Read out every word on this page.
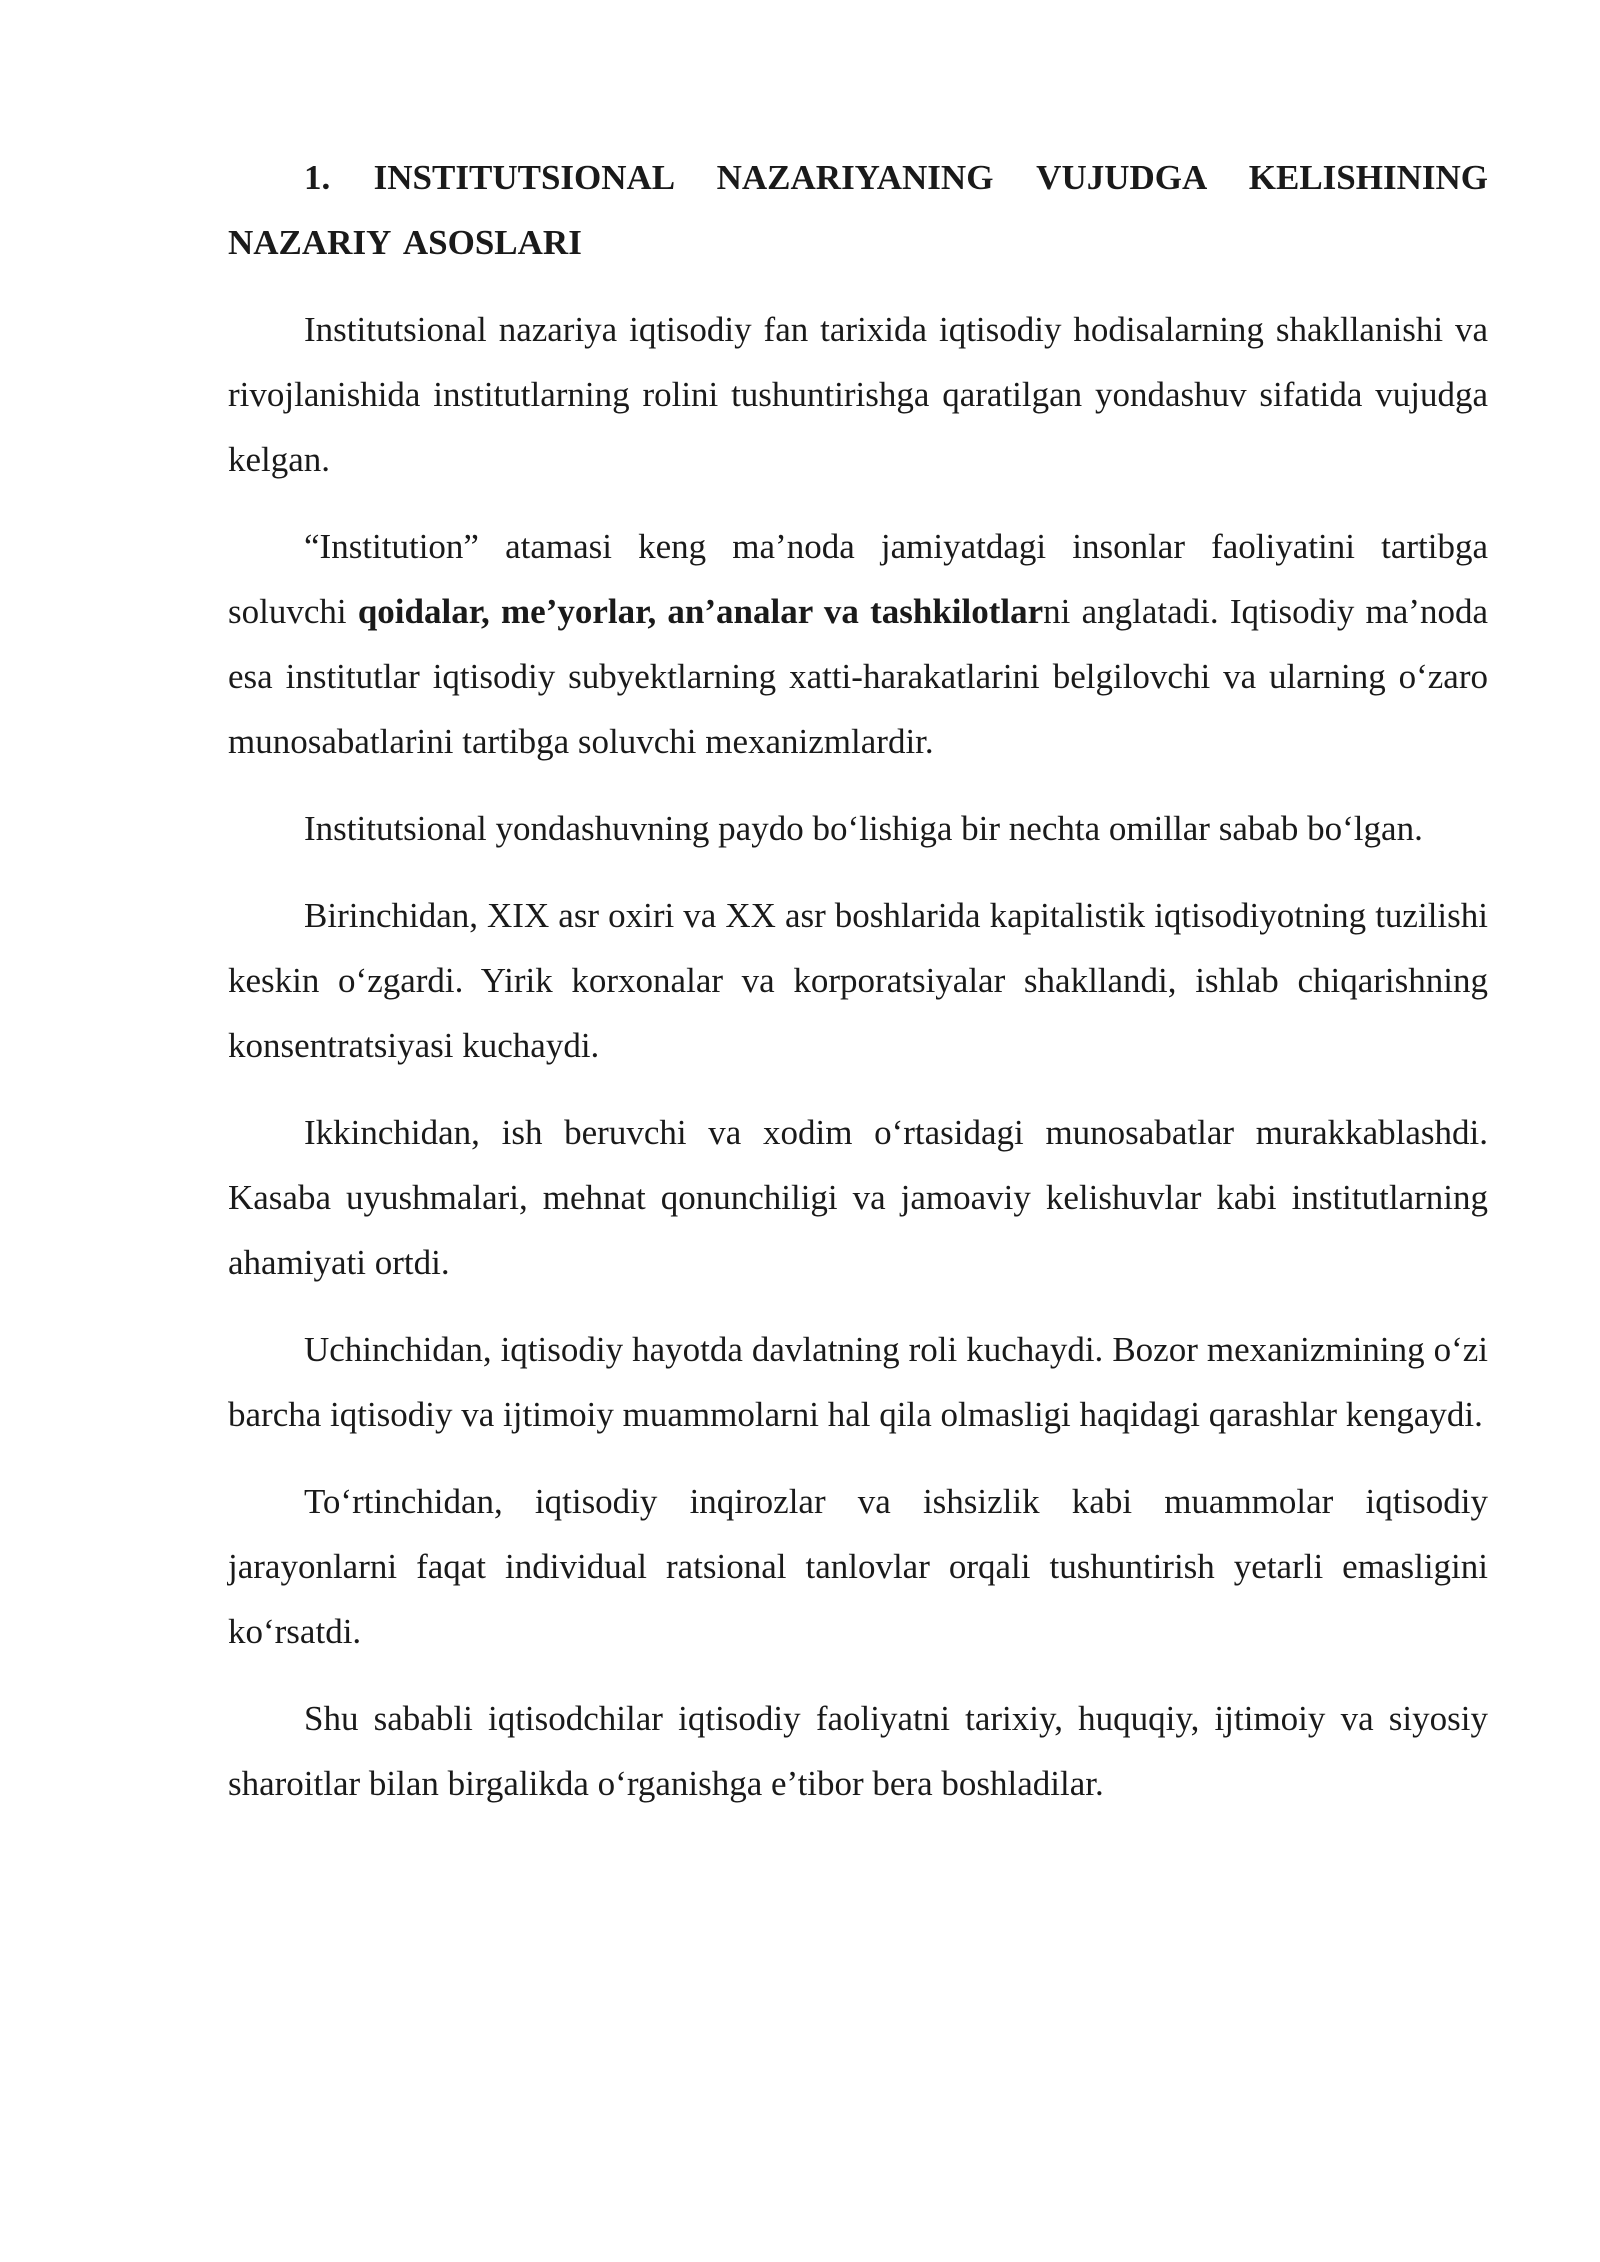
1. INSTITUTSIONAL NAZARIYANING VUJUDGA KELISHINING NAZARIY ASOSLARI

Institutsional nazariya iqtisodiy fan tarixida iqtisodiy hodisalarning shakllanishi va rivojlanishida institutlarning rolini tushuntirishga qaratilgan yondashuv sifatida vujudga kelgan.

“Institution” atamasi keng ma’noda jamiyatdagi insonlar faoliyatini tartibga soluvchi qoidalar, me’yorlar, an’analar va tashkilotlarni anglatadi. Iqtisodiy ma’noda esa institutlar iqtisodiy subyektlarning xatti-harakatlarini belgilovchi va ularning o‘zaro munosabatlarini tartibga soluvchi mexanizmlardir.

Institutsional yondashuvning paydo bo‘lishiga bir nechta omillar sabab bo‘lgan.

Birinchidan, XIX asr oxiri va XX asr boshlarida kapitalistik iqtisodiyotning tuzilishi keskin o‘zgardi. Yirik korxonalar va korporatsiyalar shakllandi, ishlab chiqarishning konsentratsiyasi kuchaydi.

Ikkinchidan, ish beruvchi va xodim o‘rtasidagi munosabatlar murakkablashdi. Kasaba uyushmalari, mehnat qonunchiligi va jamoaviy kelishuvlar kabi institutlarning ahamiyati ortdi.

Uchinchidan, iqtisodiy hayotda davlatning roli kuchaydi. Bozor mexanizmining o‘zi barcha iqtisodiy va ijtimoiy muammolarni hal qila olmasligi haqidagi qarashlar kengaydi.

To‘rtinchidan, iqtisodiy inqirozlar va ishsizlik kabi muammolar iqtisodiy jarayonlarni faqat individual ratsional tanlovlar orqali tushuntirish yetarli emasligini ko‘rsatdi.

Shu sababli iqtisodchilar iqtisodiy faoliyatni tarixiy, huquqiy, ijtimoiy va siyosiy sharoitlar bilan birgalikda o‘rganishga e’tibor bera boshladilar.
